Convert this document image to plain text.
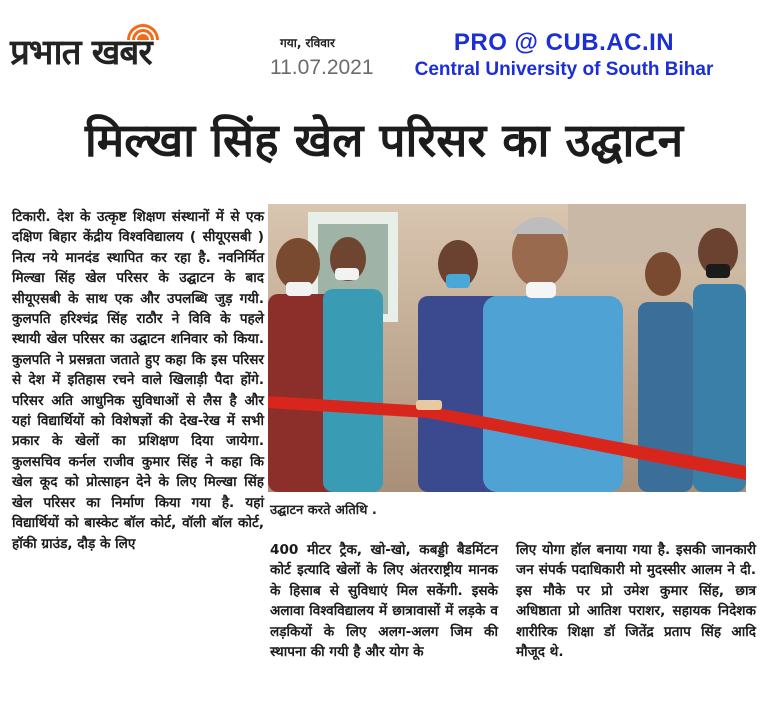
प्रभात खबर	गया, रविवार
11.07.2021
PRO @ CUB.AC.IN
Central University of South Bihar
मिल्खा सिंह खेल परिसर का उद्घाटन
टिकारी. देश के उत्कृष्ट शिक्षण संस्थानों में से एक दक्षिण बिहार केंद्रीय विश्वविद्यालय ( सीयूएसबी ) नित्य नये मानदंड स्थापित कर रहा है. नवनिर्मित मिल्खा सिंह खेल परिसर के उद्घाटन के बाद सीयूएसबी के साथ एक और उपलब्धि जुड़ गयी. कुलपति हरिश्चंद्र सिंह राठौर ने विवि के पहले स्थायी खेल परिसर का उद्घाटन शनिवार को किया. कुलपति ने प्रसन्नता जताते हुए कहा कि इस परिसर से देश में इतिहास रचने वाले खिलाड़ी पैदा होंगे. परिसर अति आधुनिक सुविधाओं से लैस है और यहां विद्यार्थियों को विशेषज्ञों की देख-रेख में सभी प्रकार के खेलों का प्रशिक्षण दिया जायेगा. कुलसचिव कर्नल राजीव कुमार सिंह ने कहा कि खेल कूद को प्रोत्साहन देने के लिए मिल्खा सिंह खेल परिसर का निर्माण किया गया है. यहां विद्यार्थियों को बास्केट बॉल कोर्ट, वॉली बॉल कोर्ट, हॉकी ग्राउंड, दौड़ के लिए
उद्घाटन करते अतिथि .
400 मीटर ट्रैक, खो-खो, कबड्डी बैडमिंटन कोर्ट इत्यादि खेलों के लिए अंतरराष्ट्रीय मानक के हिसाब से सुविधाएं मिल सकेंगी. इसके अलावा विश्वविद्यालय में छात्रावासों में लड़के व लड़कियों के लिए अलग-अलग जिम की स्थापना की गयी है और योग के
लिए योगा हॉल बनाया गया है. इसकी जानकारी जन संपर्क पदाधिकारी मो मुदस्सीर आलम ने दी. इस मौके पर प्रो उमेश कुमार सिंह, छात्र अधिष्ठाता प्रो आतिश पराशर, सहायक निदेशक शारीरिक शिक्षा डॉ जितेंद्र प्रताप सिंह आदि मौजूद थे.
